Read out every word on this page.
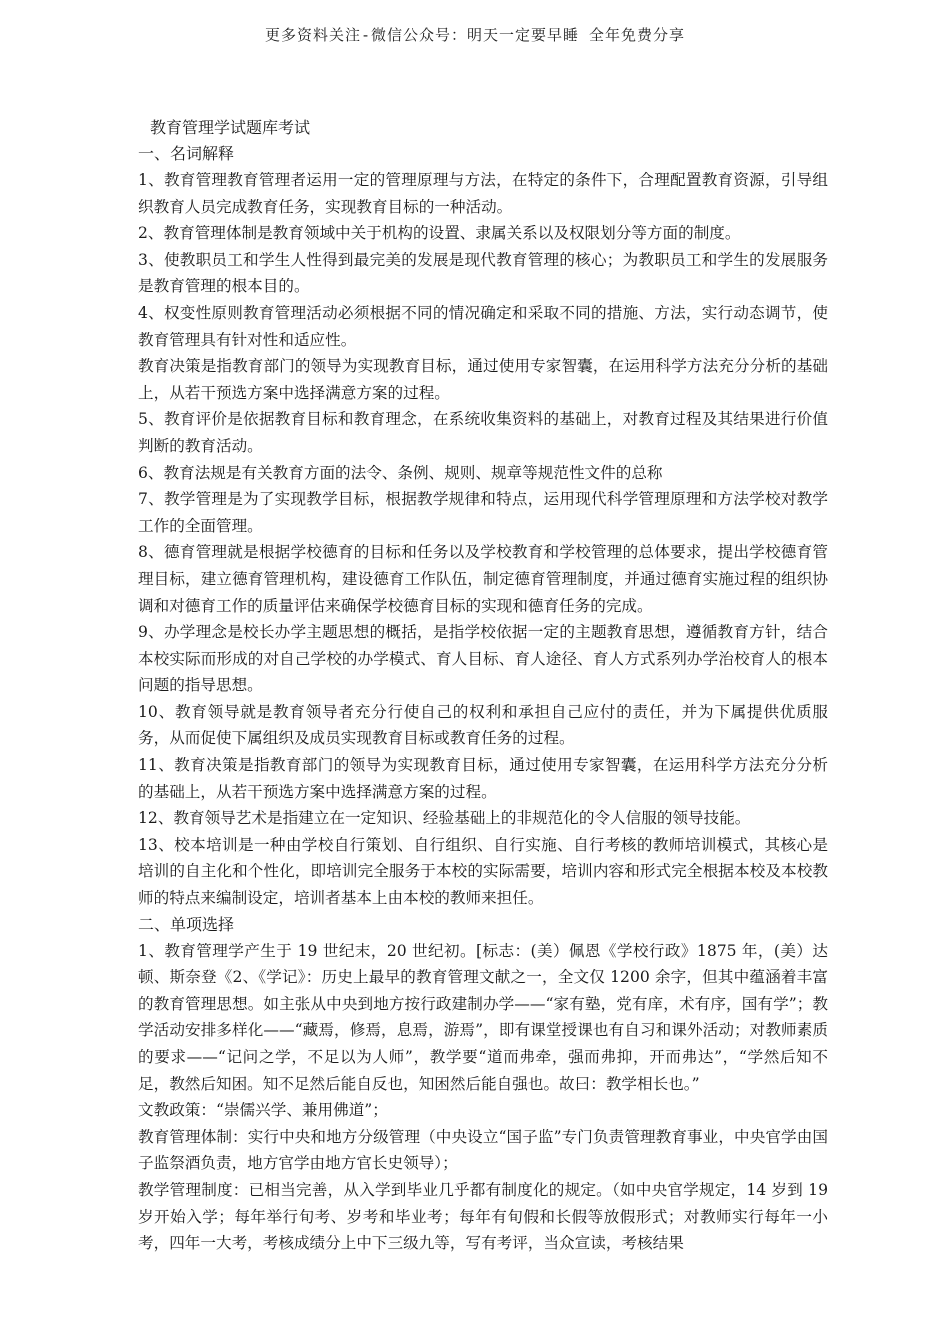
更多资料关注-微信公众号：明天一定要早睡 全年免费分享
教育管理学试题库考试
一、名词解释

1、教育管理教育管理者运用一定的管理原理与方法，在特定的条件下，合理配置教育资源，引导组织教育人员完成教育任务，实现教育目标的一种活动。

2、教育管理体制是教育领域中关于机构的设置、隶属关系以及权限划分等方面的制度。

3、使教职员工和学生人性得到最完美的发展是现代教育管理的核心；为教职员工和学生的发展服务是教育管理的根本目的。

4、权变性原则教育管理活动必须根据不同的情况确定和采取不同的措施、方法，实行动态调节，使教育管理具有针对性和适应性。

教育决策是指教育部门的领导为实现教育目标，通过使用专家智囊，在运用科学方法充分分析的基础上，从若干预选方案中选择满意方案的过程。

5、教育评价是依据教育目标和教育理念，在系统收集资料的基础上，对教育过程及其结果进行价值判断的教育活动。

6、教育法规是有关教育方面的法令、条例、规则、规章等规范性文件的总称

7、教学管理是为了实现教学目标，根据教学规律和特点，运用现代科学管理原理和方法学校对教学工作的全面管理。

8、德育管理就是根据学校德育的目标和任务以及学校教育和学校管理的总体要求，提出学校德育管理目标，建立德育管理机构，建设德育工作队伍，制定德育管理制度，并通过德育实施过程的组织协调和对德育工作的质量评估来确保学校德育目标的实现和德育任务的完成。

9、办学理念是校长办学主题思想的概括，是指学校依据一定的主题教育思想，遵循教育方针，结合本校实际而形成的对自己学校的办学模式、育人目标、育人途径、育人方式系列办学治校育人的根本问题的指导思想。

10、教育领导就是教育领导者充分行使自己的权利和承担自己应付的责任，并为下属提供优质服务，从而促使下属组织及成员实现教育目标或教育任务的过程。

11、教育决策是指教育部门的领导为实现教育目标，通过使用专家智囊，在运用科学方法充分分析的基础上，从若干预选方案中选择满意方案的过程。

12、教育领导艺术是指建立在一定知识、经验基础上的非规范化的令人信服的领导技能。

13、校本培训是一种由学校自行策划、自行组织、自行实施、自行考核的教师培训模式，其核心是培训的自主化和个性化，即培训完全服务于本校的实际需要，培训内容和形式完全根据本校及本校教师的特点来编制设定，培训者基本上由本校的教师来担任。

二、单项选择

1、教育管理学产生于 19 世纪末，20 世纪初。[标志：(美）佩恩《学校行政》1875 年，(美）达顿、斯奈登《2、《学记》：历史上最早的教育管理文献之一，全文仅 1200 余字，但其中蕴涵着丰富的教育管理思想。如主张从中央到地方按行政建制办学——“家有塾，党有庠，术有序，国有学”；教学活动安排多样化——“藏焉，修焉，息焉，游焉”，即有课堂授课也有自习和课外活动；对教师素质的要求——“记问之学，不足以为人师”，教学要“道而弗牵，强而弗抑，开而弗达”，“学然后知不足，教然后知困。知不足然后能自反也，知困然后能自强也。故曰：教学相长也。”

文教政策：“崇儒兴学、兼用佛道”；

教育管理体制：实行中央和地方分级管理（中央设立“国子监”专门负责管理教育事业，中央官学由国子监祭酒负责，地方官学由地方官长史领导）；

教学管理制度：已相当完善，从入学到毕业几乎都有制度化的规定。（如中央官学规定，14 岁到 19 岁开始入学；每年举行旬考、岁考和毕业考；每年有旬假和长假等放假形式；对教师实行每年一小考，四年一大考，考核成绩分上中下三级九等，写有考评，当众宣读，考核结果
